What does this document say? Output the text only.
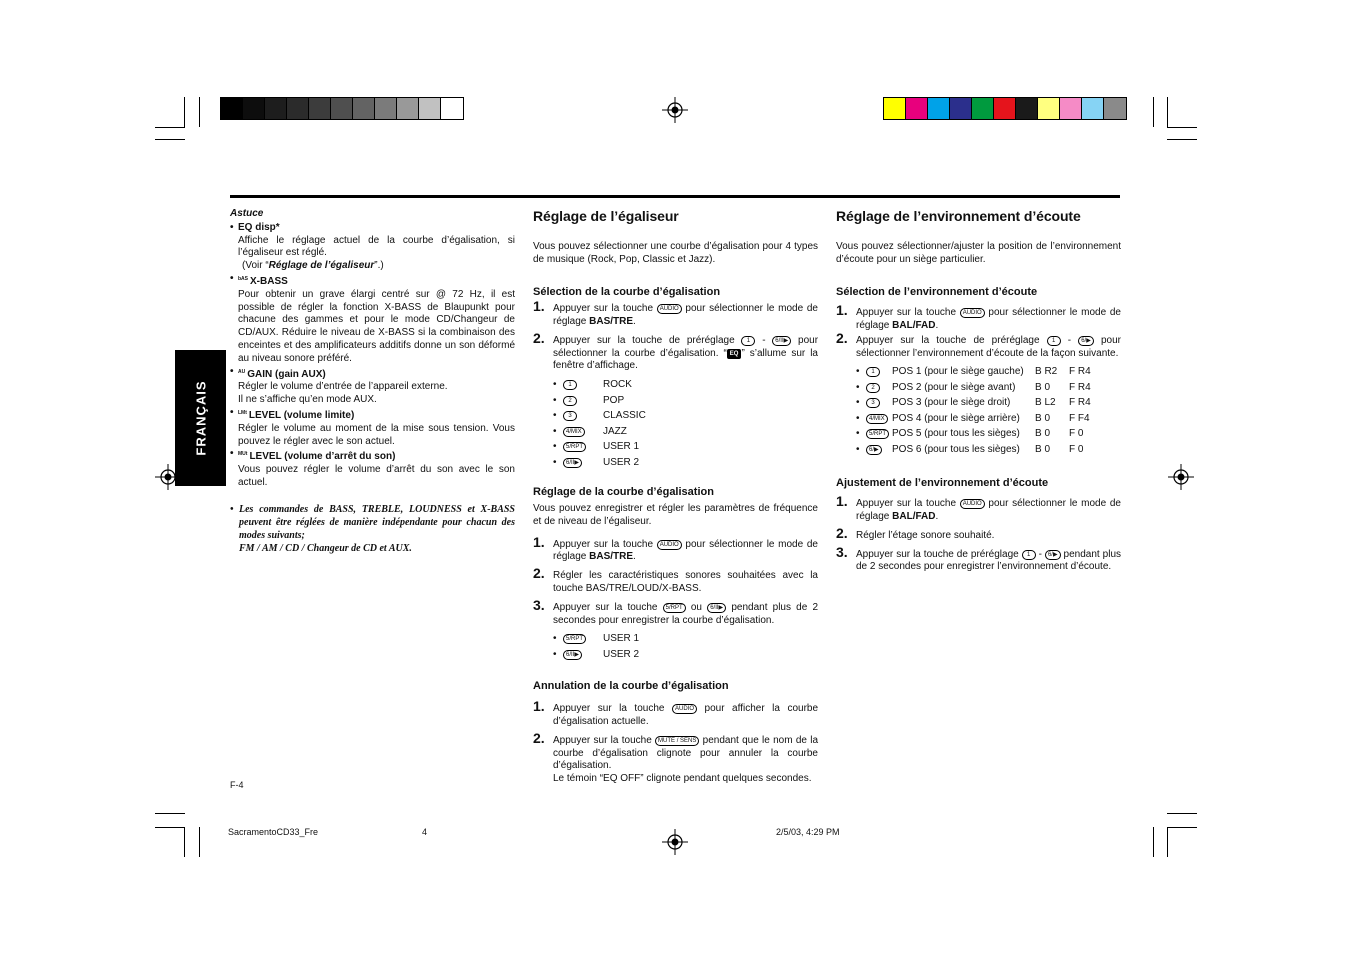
FRANÇAIS
Astuce
• EQ disp*
Affiche le réglage actuel de la courbe d’égalisation, si l’égaliseur est réglé.
(Voir “Réglage de l’égaliseur”.)
• $^{bAS}$ X-BASS
Pour obtenir un grave élargi centré sur @ 72 Hz, il est possible de régler la fonction X-BASS de Blaupunkt pour chacune des gammes et pour le mode CD/Changeur de CD/AUX. Réduire le niveau de X-BASS si la combinaison des enceintes et des amplificateurs additifs donne un son déformé au niveau sonore préféré.
• $^{AU}$ GAIN (gain AUX)
Régler le volume d’entrée de l’appareil externe.
Il ne s’affiche qu’en mode AUX.
• $^{LMt}$ LEVEL (volume limite)
Régler le volume au moment de la mise sous tension. Vous pouvez le régler avec le son actuel.
• $^{MUt}$ LEVEL (volume d’arrêt du son)
Vous pouvez régler le volume d’arrêt du son avec le son actuel.
• Les commandes de BASS, TREBLE, LOUDNESS et X-BASS peuvent être réglées de manière indépendante pour chacun des modes suivants;
FM / AM / CD / Changeur de CD et AUX.
Réglage de l’égaliseur
Vous pouvez sélectionner une courbe d’égalisation pour 4 types de musique (Rock, Pop, Classic et Jazz).
Sélection de la courbe d’égalisation
1. Appuyer sur la touche AUDIO pour sélectionner le mode de réglage BAS/TRE.
2. Appuyer sur la touche de préréglage 1 - 6/II▶ pour sélectionner la courbe d’égalisation. “ EQ ” s’allume sur la fenêtre d’affichage.
• 1	ROCK
• 2	POP
• 3	CLASSIC
• 4/MIX	JAZZ
• 5/RPT	USER 1
• 6/II▶	USER 2
Réglage de la courbe d’égalisation
Vous pouvez enregistrer et régler les paramètres de fréquence et de niveau de l’égaliseur.
1. Appuyer sur la touche AUDIO pour sélectionner le mode de réglage BAS/TRE.
2. Régler les caractéristiques sonores souhaitées avec la touche BAS/TRE/LOUD/X-BASS.
3. Appuyer sur la touche 5/RPT ou 6/II▶ pendant plus de 2 secondes pour enregistrer la courbe d’égalisation.
• 5/RPT	USER 1
• 6/II▶	USER 2
Annulation de la courbe d’égalisation
1. Appuyer sur la touche AUDIO pour afficher la courbe d’égalisation actuelle.
2. Appuyer sur la touche MUTE / SENS pendant que le nom de la courbe d’égalisation clignote pour annuler la courbe d’égalisation.
Le témoin “EQ OFF” clignote pendant quelques secondes.
Réglage de l’environnement d’écoute
Vous pouvez sélectionner/ajuster la position de l’environnement d’écoute pour un siège particulier.
Sélection de l’environnement d’écoute
1. Appuyer sur la touche AUDIO pour sélectionner le mode de réglage BAL/FAD.
2. Appuyer sur la touche de préréglage 1 - 6/▶ pour sélectionner l’environnement d’écoute de la façon suivante.
• 1	POS 1 (pour le siège gauche) B R2 F R4
• 2	POS 2 (pour le siège avant) B 0 F R4
• 3	POS 3 (pour le siège droit) B L2 F R4
• 4/MIX POS 4 (pour le siège arrière) B 0 F F4
• 5/RPT POS 5 (pour tous les sièges) B 0 F 0
• 6/▶	POS 6 (pour tous les sièges) B 0 F 0
Ajustement de l’environnement d’écoute
1. Appuyer sur la touche AUDIO pour sélectionner le mode de réglage BAL/FAD.
2. Régler l’étage sonore souhaité.
3. Appuyer sur la touche de préréglage 1 - 6/▶ pendant plus de 2 secondes pour enregistrer l’environnement d’écoute.
F-4
SacramentoCD33_Fre	4	2/5/03, 4:29 PM
